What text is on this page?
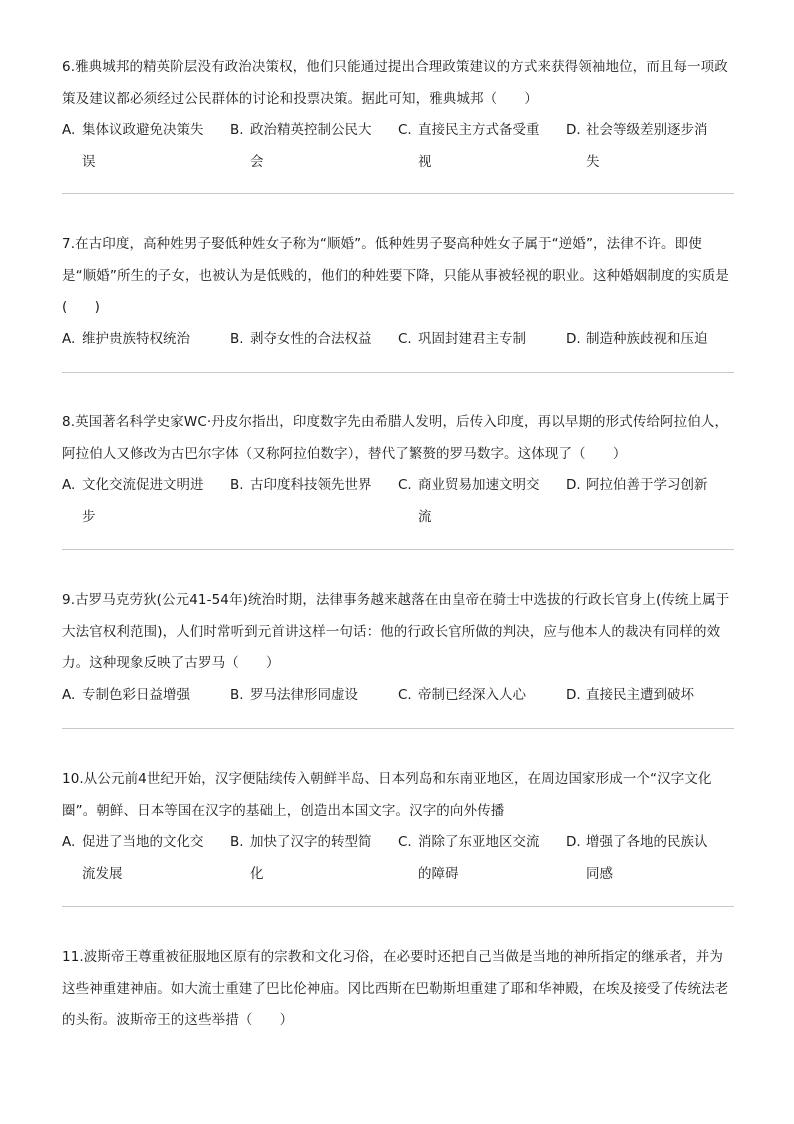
6.雅典城邦的精英阶层没有政治决策权，他们只能通过提出合理政策建议的方式来获得领袖地位，而且每一项政策及建议都必须经过公民群体的讨论和投票决策。据此可知，雅典城邦（　　）

A. 集体议政避免决策失误
B. 政治精英控制公民大会
C. 直接民主方式备受重视
D. 社会等级差别逐步消失

7.在古印度，高种姓男子娶低种姓女子称为“顺婚”。低种姓男子娶高种姓女子属于“逆婚”，法律不许。即使是“顺婚”所生的子女，也被认为是低贱的，他们的种姓要下降，只能从事被轻视的职业。这种婚姻制度的实质是(　　)

A. 维护贵族特权统治	B. 剥夺女性的合法权益 C. 巩固封建君主专制	D. 制造种族歧视和压迫

8.英国著名科学史家WC·丹皮尔指出，印度数字先由希腊人发明，后传入印度，再以早期的形式传给阿拉伯人，阿拉伯人又修改为古巴尔字体（又称阿拉伯数字），替代了繁赘的罗马数字。这体现了（　　）

A. 文化交流促进文明进步
B. 古印度科技领先世界	C. 商业贸易加速文明交流
D. 阿拉伯善于学习创新

9.古罗马克劳狄(公元41-54年)统治时期，法律事务越来越落在由皇帝在骑士中选拔的行政长官身上(传统上属于大法官权利范围)，人们时常听到元首讲这样一句话：他的行政长官所做的判决，应与他本人的裁决有同样的效力。这种现象反映了古罗马（　　）

A. 专制色彩日益增强	B. 罗马法律形同虚设	C. 帝制已经深入人心	D. 直接民主遭到破坏

10.从公元前4世纪开始，汉字便陆续传入朝鲜半岛、日本列岛和东南亚地区，在周边国家形成一个“汉字文化圈”。朝鲜、日本等国在汉字的基础上，创造出本国文字。汉字的向外传播

A. 促进了当地的文化交流发展
B. 加快了汉字的转型简化
C. 消除了东亚地区交流的障碍
D. 增强了各地的民族认同感

11.波斯帝王尊重被征服地区原有的宗教和文化习俗，在必要时还把自己当做是当地的神所指定的继承者，并为这些神重建神庙。如大流士重建了巴比伦神庙。冈比西斯在巴勒斯坦重建了耶和华神殿，在埃及接受了传统法老的头衔。波斯帝王的这些举措（　　）
